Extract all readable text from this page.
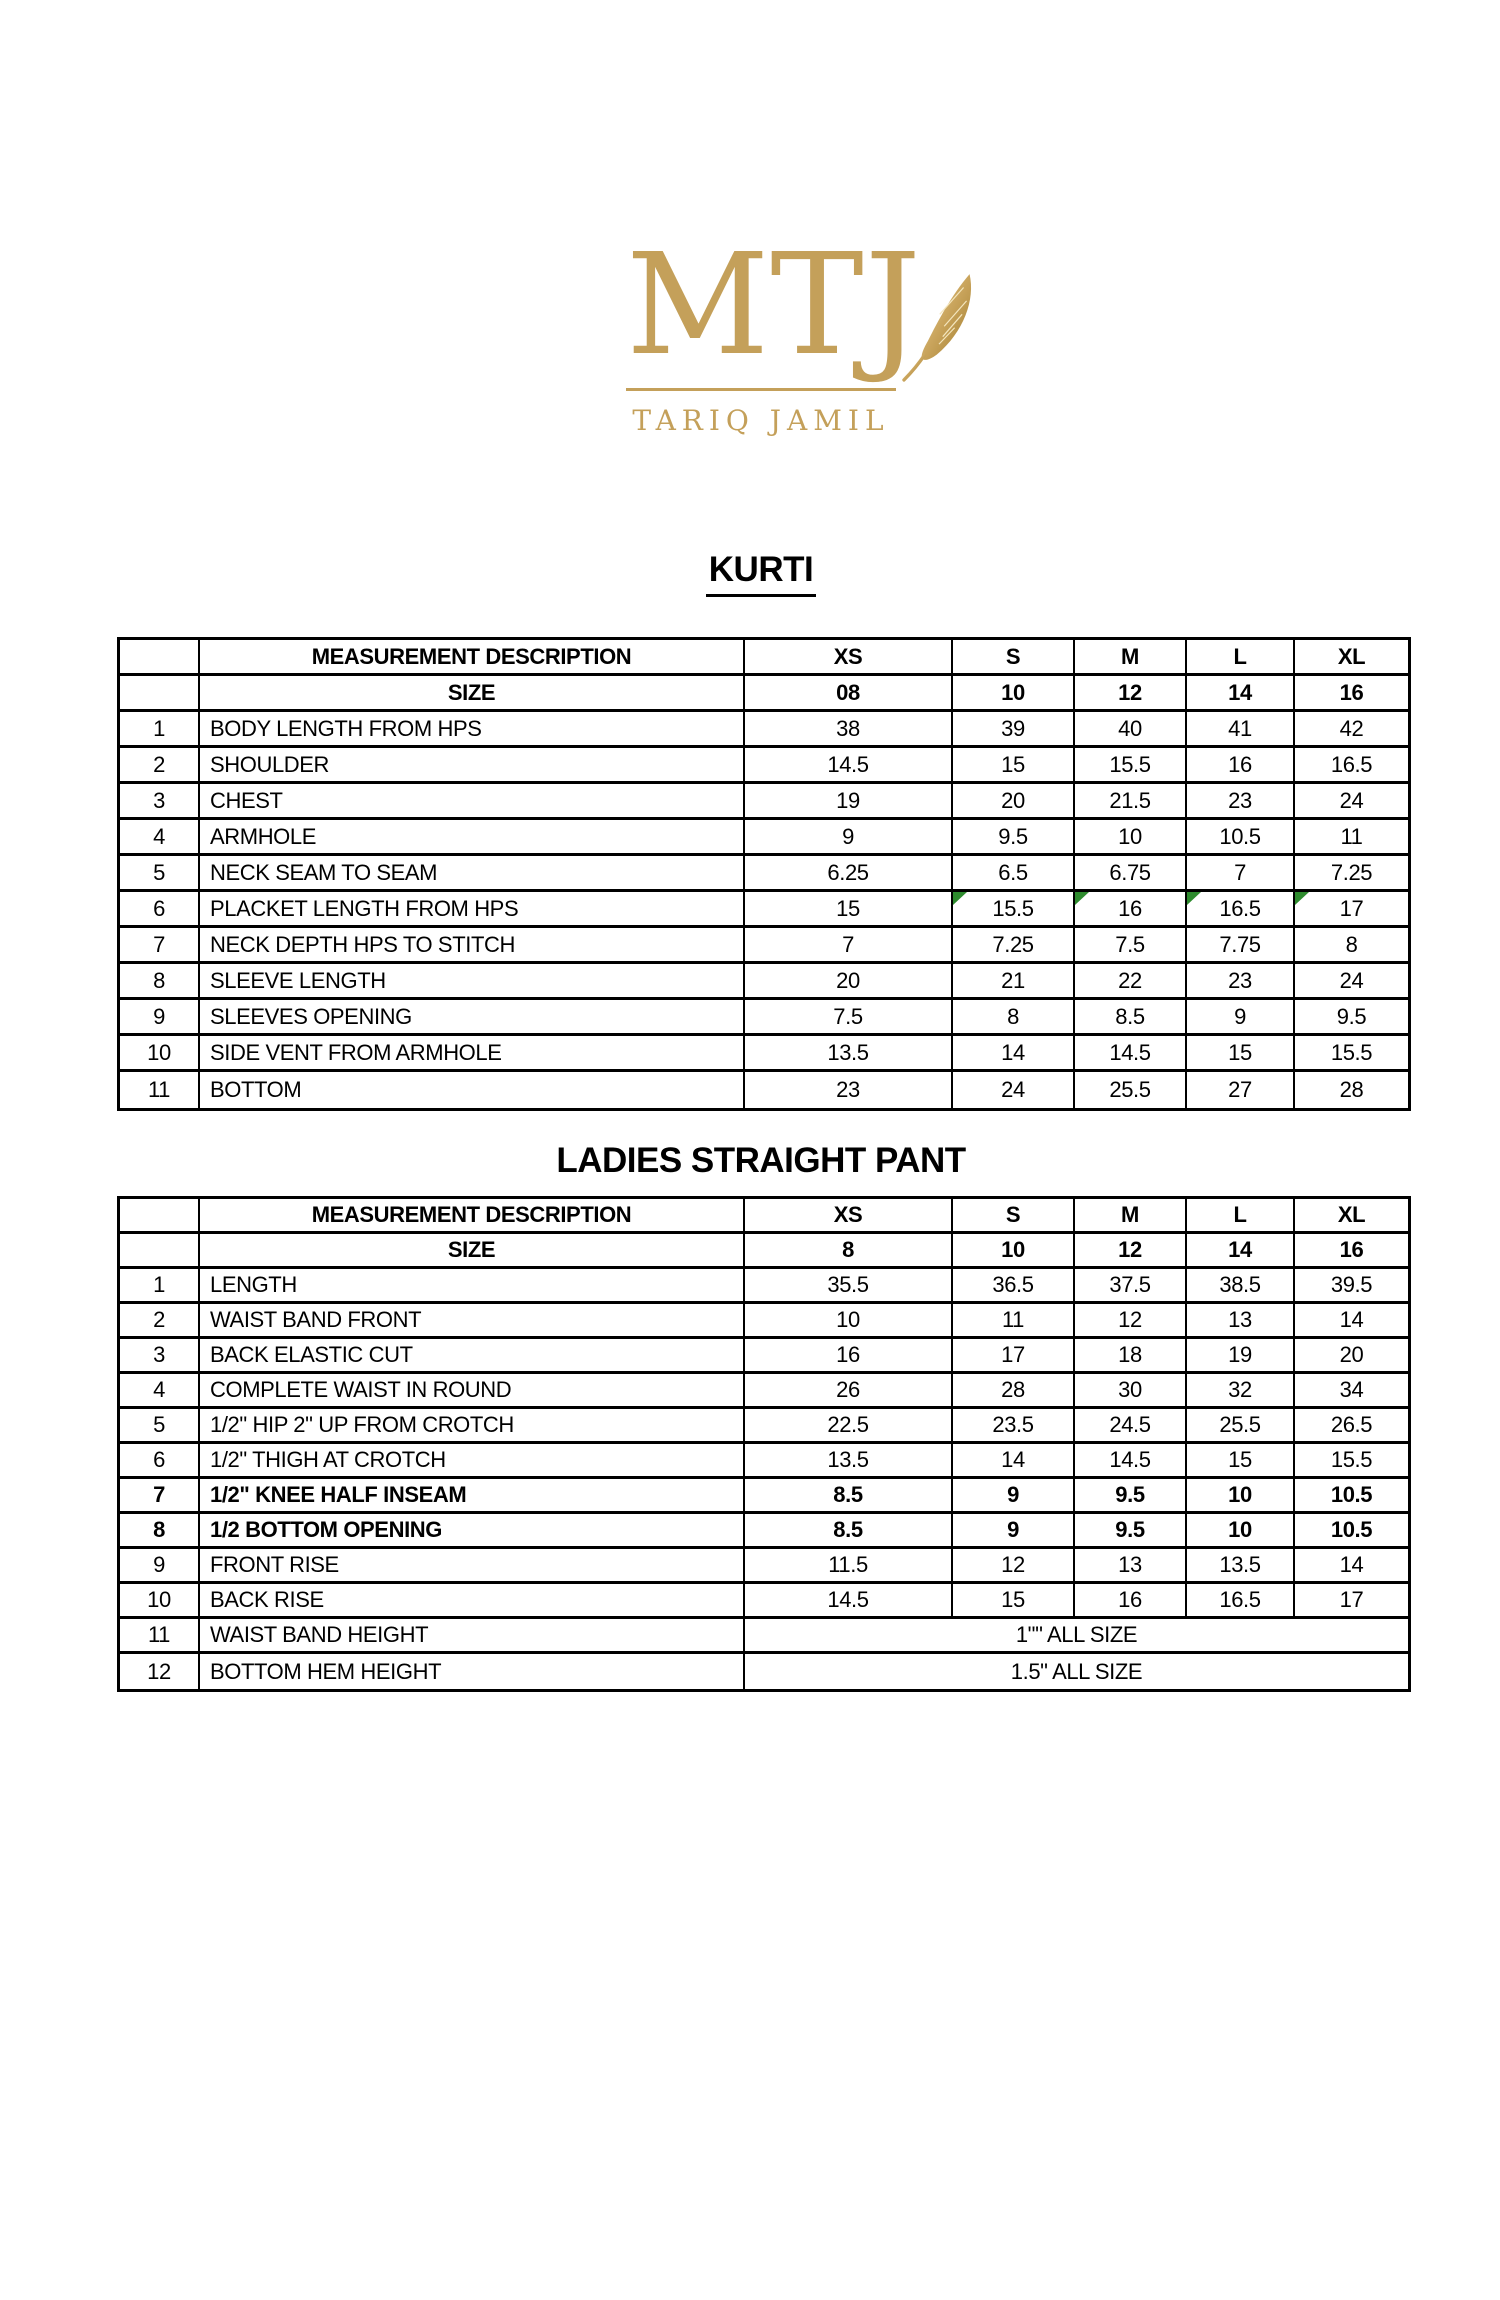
MTJ
TARIQ JAMIL
KURTI
MEASUREMENT DESCRIPTION	XS	S	M	L	XL
SIZE	08	10	12	14	16
1	BODY LENGTH FROM HPS	38	39	40	41	42
2	SHOULDER	14.5	15	15.5	16	16.5
3	CHEST	19	20	21.5	23	24
4	ARMHOLE	9	9.5	10	10.5	11
5	NECK SEAM TO SEAM	6.25	6.5	6.75	7	7.25
6	PLACKET LENGTH FROM HPS	15	15.5	16	16.5	17
7	NECK DEPTH HPS TO STITCH	7	7.25	7.5	7.75	8
8	SLEEVE LENGTH	20	21	22	23	24
9	SLEEVES OPENING	7.5	8	8.5	9	9.5
10	SIDE VENT FROM ARMHOLE	13.5	14	14.5	15	15.5
11	BOTTOM	23	24	25.5	27	28
LADIES STRAIGHT PANT
MEASUREMENT DESCRIPTION	XS	S	M	L	XL
SIZE	8	10	12	14	16
1	LENGTH	35.5	36.5	37.5	38.5	39.5
2	WAIST BAND FRONT	10	11	12	13	14
3	BACK ELASTIC CUT	16	17	18	19	20
4	COMPLETE WAIST IN ROUND	26	28	30	32	34
5	1/2" HIP 2" UP FROM CROTCH	22.5	23.5	24.5	25.5	26.5
6	1/2" THIGH AT CROTCH	13.5	14	14.5	15	15.5
7	1/2" KNEE HALF INSEAM	8.5	9	9.5	10	10.5
8	1/2 BOTTOM OPENING	8.5	9	9.5	10	10.5
9	FRONT RISE	11.5	12	13	13.5	14
10	BACK RISE	14.5	15	16	16.5	17
11	WAIST BAND HEIGHT	1"" ALL SIZE
12	BOTTOM HEM HEIGHT	1.5" ALL SIZE
